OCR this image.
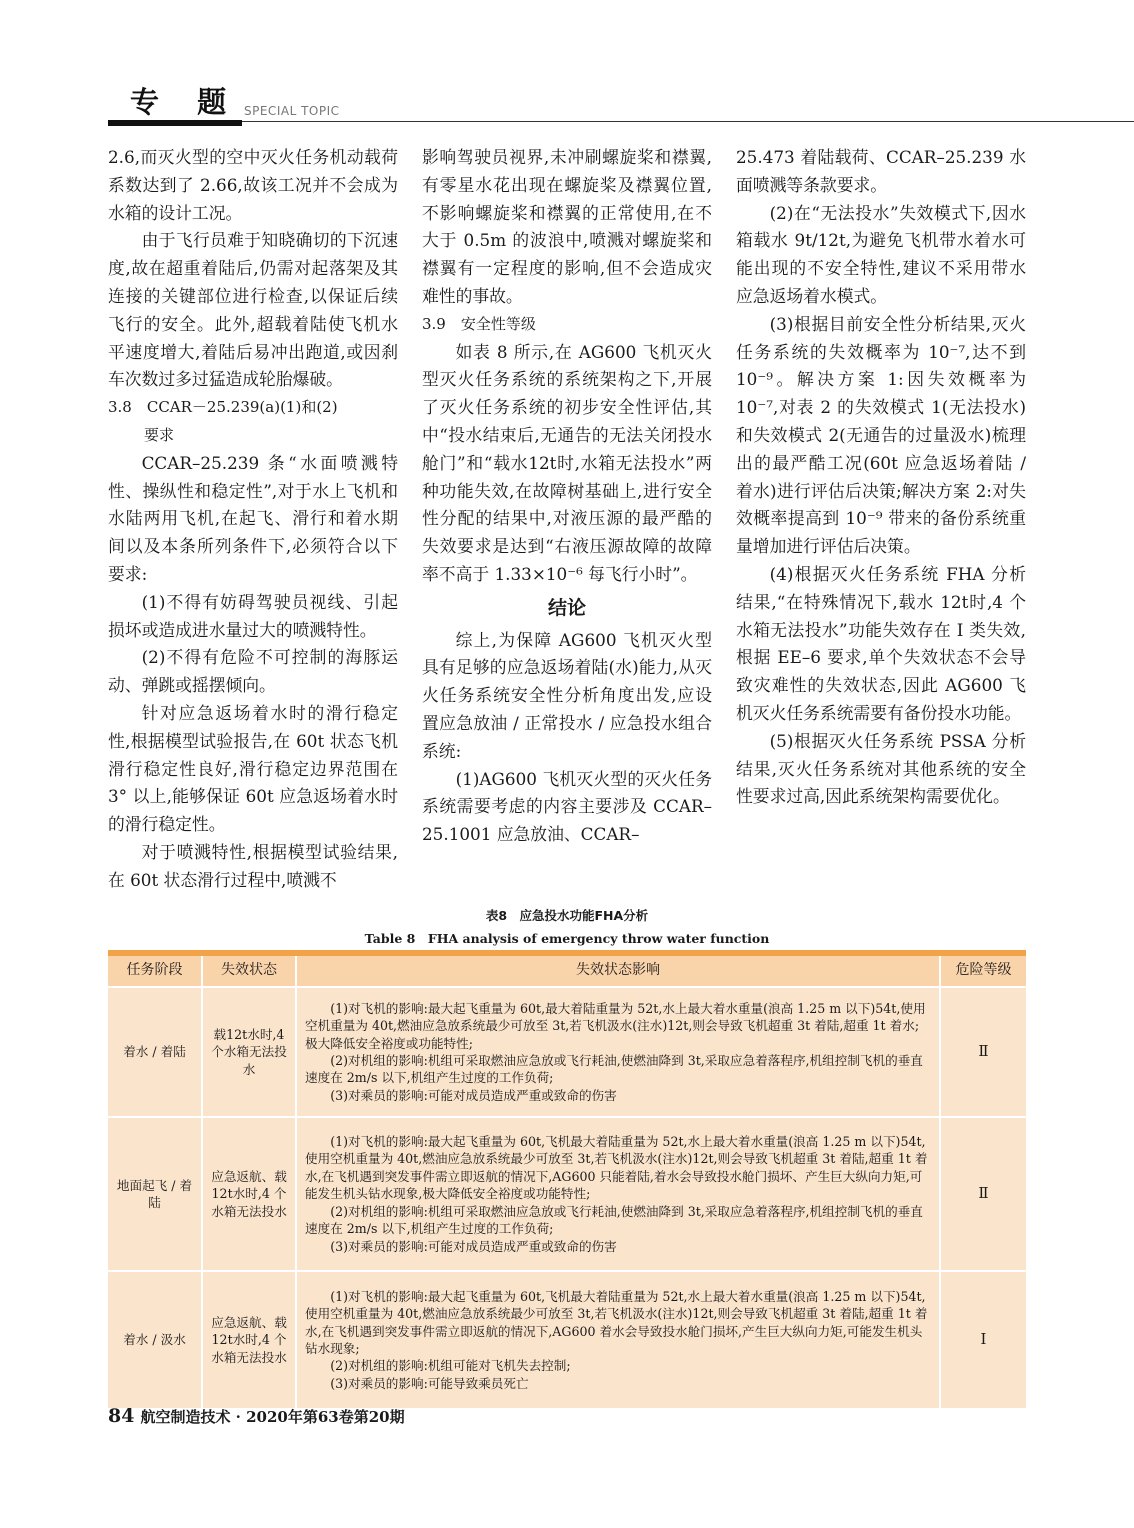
专 题 SPECIAL TOPIC

2.6,而灭火型的空中灭火任务机动载荷系数达到了 2.66,故该工况并不会成为水箱的设计工况。

由于飞行员难于知晓确切的下沉速度,故在超重着陆后,仍需对起落架及其连接的关键部位进行检查,以保证后续飞行的安全。此外,超载着陆使飞机水平速度增大,着陆后易冲出跑道,或因刹车次数过多过猛造成轮胎爆破。

3.8　CCAR－25.239(a)(1)和(2)

要求

CCAR–25.239 条“水面喷溅特性、操纵性和稳定性”,对于水上飞机和水陆两用飞机,在起飞、滑行和着水期间以及本条所列条件下,必须符合以下要求:

(1)不得有妨碍驾驶员视线、引起损坏或造成进水量过大的喷溅特性。

(2)不得有危险不可控制的海豚运动、弹跳或摇摆倾向。

针对应急返场着水时的滑行稳定性,根据模型试验报告,在 60t 状态飞机滑行稳定性良好,滑行稳定边界范围在 3° 以上,能够保证 60t 应急返场着水时的滑行稳定性。

对于喷溅特性,根据模型试验结果,在 60t 状态滑行过程中,喷溅不

影响驾驶员视界,未冲刷螺旋桨和襟翼,有零星水花出现在螺旋桨及襟翼位置,不影响螺旋桨和襟翼的正常使用,在不大于 0.5m 的波浪中,喷溅对螺旋桨和襟翼有一定程度的影响,但不会造成灾难性的事故。

3.9　安全性等级

如表 8 所示,在 AG600 飞机灭火型灭火任务系统的系统架构之下,开展了灭火任务系统的初步安全性评估,其中“投水结束后,无通告的无法关闭投水舱门”和“载水12t时,水箱无法投水”两种功能失效,在故障树基础上,进行安全性分配的结果中,对液压源的最严酷的失效要求是达到“右液压源故障的故障率不高于 1.33×10⁻⁶ 每飞行小时”。

结论

综上,为保障 AG600 飞机灭火型具有足够的应急返场着陆(水)能力,从灭火任务系统安全性分析角度出发,应设置应急放油 / 正常投水 / 应急投水组合系统:

(1)AG600 飞机灭火型的灭火任务系统需要考虑的内容主要涉及 CCAR–25.1001 应急放油、CCAR–

25.473 着陆载荷、CCAR–25.239 水面喷溅等条款要求。

(2)在“无法投水”失效模式下,因水箱载水 9t/12t,为避免飞机带水着水可能出现的不安全特性,建议不采用带水应急返场着水模式。

(3)根据目前安全性分析结果,灭火任务系统的失效概率为 10⁻⁷,达不到 10⁻⁹。解决方案 1:因失效概率为 10⁻⁷,对表 2 的失效模式 1(无法投水)和失效模式 2(无通告的过量汲水)梳理出的最严酷工况(60t 应急返场着陆 / 着水)进行评估后决策;解决方案 2:对失效概率提高到 10⁻⁹ 带来的备份系统重量增加进行评估后决策。

(4)根据灭火任务系统 FHA 分析结果,“在特殊情况下,载水 12t时,4 个水箱无法投水”功能失效存在 I 类失效,根据 EE–6 要求,单个失效状态不会导致灾难性的失效状态,因此 AG600 飞机灭火任务系统需要有备份投水功能。

(5)根据灭火任务系统 PSSA 分析结果,灭火任务系统对其他系统的安全性要求过高,因此系统架构需要优化。

表8　应急投水功能FHA分析
Table 8　FHA analysis of emergency throw water function
任务阶段	失效状态	失效状态影响	危险等级
着水 / 着陆	载12t水时,4 个水箱无法投水	(1)对飞机的影响:最大起飞重量为 60t,最大着陆重量为 52t,水上最大着水重量(浪高 1.25 m 以下)54t,使用空机重量为 40t,燃油应急放系统最少可放至 3t,若飞机汲水(注水)12t,则会导致飞机超重 3t 着陆,超重 1t 着水;极大降低安全裕度或功能特性;
(2)对机组的影响:机组可采取燃油应急放或飞行耗油,使燃油降到 3t,采取应急着落程序,机组控制飞机的垂直速度在 2m/s 以下,机组产生过度的工作负荷;
(3)对乘员的影响:可能对成员造成严重或致命的伤害	Ⅱ
地面起飞 / 着陆	应急返航、载12t水时,4 个水箱无法投水	(1)对飞机的影响:最大起飞重量为 60t,飞机最大着陆重量为 52t,水上最大着水重量(浪高 1.25 m 以下)54t,使用空机重量为 40t,燃油应急放系统最少可放至 3t,若飞机汲水(注水)12t,则会导致飞机超重 3t 着陆,超重 1t 着水,在飞机遇到突发事件需立即返航的情况下,AG600 只能着陆,着水会导致投水舱门损坏、产生巨大纵向力矩,可能发生机头钻水现象,极大降低安全裕度或功能特性;
(2)对机组的影响:机组可采取燃油应急放或飞行耗油,使燃油降到 3t,采取应急着落程序,机组控制飞机的垂直速度在 2m/s 以下,机组产生过度的工作负荷;
(3)对乘员的影响:可能对成员造成严重或致命的伤害	Ⅱ
着水 / 汲水	应急返航、载12t水时,4 个水箱无法投水	(1)对飞机的影响:最大起飞重量为 60t,飞机最大着陆重量为 52t,水上最大着水重量(浪高 1.25 m 以下)54t,使用空机重量为 40t,燃油应急放系统最少可放至 3t,若飞机汲水(注水)12t,则会导致飞机超重 3t 着陆,超重 1t 着水,在飞机遇到突发事件需立即返航的情况下,AG600 着水会导致投水舱门损坏,产生巨大纵向力矩,可能发生机头钻水现象;
(2)对机组的影响:机组可能对飞机失去控制;
(3)对乘员的影响:可能导致乘员死亡	Ⅰ
84 航空制造技术 · 2020年第63卷第20期
